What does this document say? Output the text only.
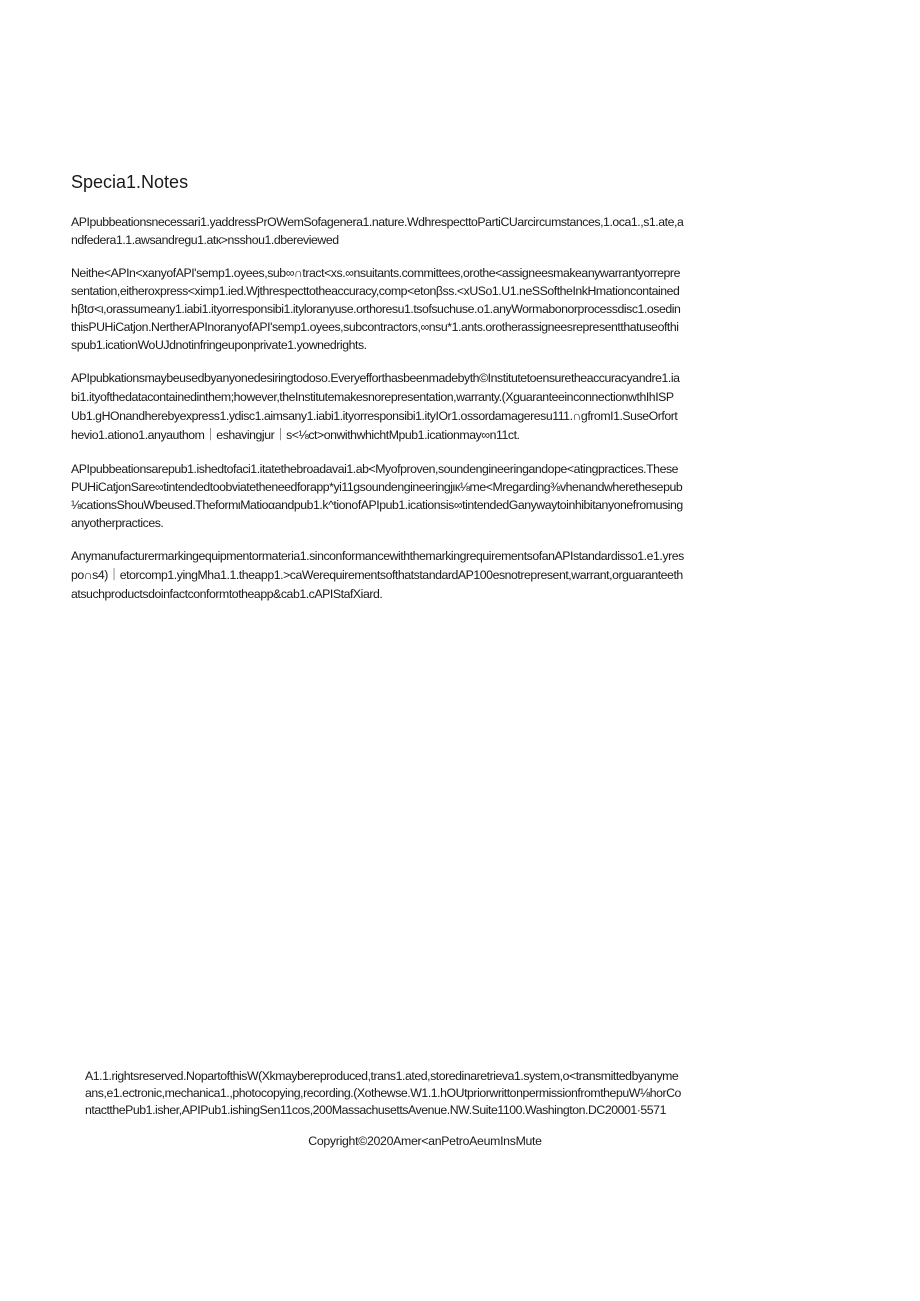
Specia1.Notes

APIpubbeationsnecessari1.yaddressPrOWemSofagenera1.nature.WdhrespecttoPartiCUarcircumstances,1.oca1.,s1.ate,a
ndfedera1.1.awsandregu1.atк>nsshou1.dbereviewed

Neithe<APIn<xanyofAPI'semp1.oyees,sub∞∩tract<xs.∞nsuitants.committees,orothe<assigneesmakeanywarrantyorrepre
sentation,eitheroxpress<ximp1.ied.Wjthrespecttotheaccuracy,comp<etonβss.<xUSo1.U1.neSSoftheInkHmationcontained
hβtσ<ι,orassumeany1.iabi1.ityorresponsibi1.ityloranyuse.orthoresu1.tsofsuchuse.o1.anyWormabonorprocessdisc1.osedin
thisPUHiCatjon.NertherAPInoranyofAPI'semp1.oyees,subcontractors,∞nsu*1.ants.orotherassigneesrepresentthatuseofthi
spub1.icationWoUJdnotinfringeuponprivate1.yownedrights.

APIpubkationsmaybeusedbyanyonedesiringtodoso.Everyefforthasbeenmadebyth©Institutetoensuretheaccuracyandre1.ia
bi1.ityofthedatacontainedinthem;however,theInstitutemakesnorepresentation,warranty.(XguaranteeinconnectionwthIhISP
Ub1.gHOnandherebyexpress1.ydisc1.aimsany1.iabi1.ityorresponsibi1.ityIOr1.ossordamageresu111.∩gfromI1.SuseOrfort
hevio1.ationo1.anyauthom｜eshavingjur｜s<⅛ct>onwithwhichtMpub1.icationmay∞n11ct.

APIpubbeationsarepub1.ishedtofaci1.itatethebroadavai1.ab<Myofproven,soundengineeringandope<atingpractices.These
PUHiCatjonSare∞tintendedtoobviatetheneedforapp*yi11gsoundengineeringjιк⅛me<Mregarding⅜vhenandwherethesepub
⅛cationsShouWbeused.TheformιMatioαandpub1.k^tionofAPIpub1.icationsis∞tintendedGanywaytoinhibitanyonefromusing
anyotherpractices.

Anymanufacturermarkingequipmentormateria1.sinconformancewiththemarkingrequirementsofanAPIstandardisso1.e1.yres
po∩s4)｜etorcomp1.yingMha1.1.theapp1.>caWerequirementsofthatstandardAP100esnotrepresent,warrant,orguaranteeth
atsuchproductsdoinfactconformtotheapp&cab1.cAPIStafXiard.

A1.1.rightsreserved.NopartofthisW(Xkmaybereproduced,trans1.ated,storedinaretrieva1.system,o<transmittedbyanyme
ans,e1.ectronic,mechanica1.,photocopying,recording.(Xothewse.W1.1.hOUtpriorwrittonpermissionfromthepuW⅛horCo
ntactthePub1.isher,APIPub1.ishingSen11cos,200MassachusettsAvenue.NW.Suite1100.Washington.DC20001·5571
Copyright©2020Amer<anPetroAeumInsMute
